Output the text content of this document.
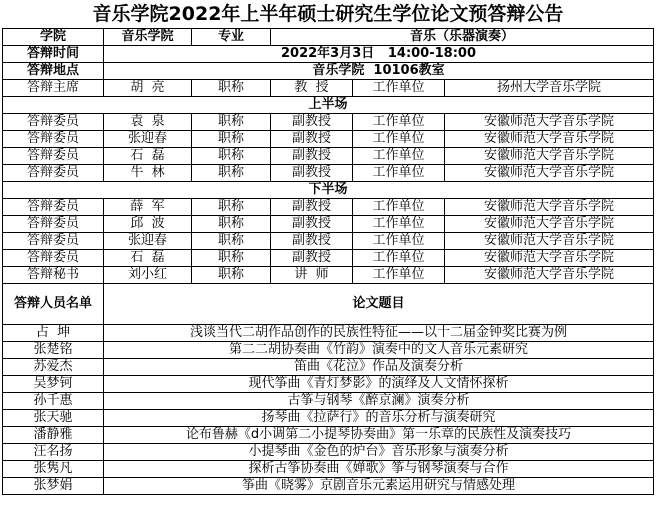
音乐学院2022年上半年硕士研究生学位论文预答辩公告
学院	音乐学院	专业	音乐（乐器演奏）		
答辩时间	2022年3月3日   14:00-18:00				
答辩地点	音乐学院  10106教室				
答辩主席	胡  亮	职称	教  授	工作单位	扬州大学音乐学院
上半场					
答辩委员	袁  泉	职称	副教授	工作单位	安徽师范大学音乐学院
答辩委员	张迎春	职称	副教授	工作单位	安徽师范大学音乐学院
答辩委员	石  磊	职称	副教授	工作单位	安徽师范大学音乐学院
答辩委员	牛  林	职称	副教授	工作单位	安徽师范大学音乐学院
下半场					
答辩委员	薛  军	职称	副教授	工作单位	安徽师范大学音乐学院
答辩委员	邱  波	职称	副教授	工作单位	安徽师范大学音乐学院
答辩委员	张迎春	职称	副教授	工作单位	安徽师范大学音乐学院
答辩委员	石  磊	职称	副教授	工作单位	安徽师范大学音乐学院
答辩秘书	刘小红	职称	讲  师	工作单位	安徽师范大学音乐学院
答辩人员名单	论文题目				
占  坤	浅谈当代二胡作品创作的民族性特征——以十二届金钟奖比赛为例				
张楚铭	第二二胡协奏曲《竹韵》演奏中的文人音乐元素研究				
苏爱杰	笛曲《花泣》作品及演奏分析				
吴梦钶	现代筝曲《青灯梦影》的演绎及人文情怀探析				
孙千惠	古筝与钢琴《醉京澜》演奏分析				
张天驰	扬琴曲《拉萨行》的音乐分析与演奏研究				
潘静雅	论布鲁赫《d小调第二小提琴协奏曲》第一乐章的民族性及演奏技巧				
汪名扬	小提琴曲《金色的炉台》音乐形象与演奏分析				
张隽凡	探析古筝协奏曲《婵歌》筝与钢琴演奏与合作				
张梦娟	筝曲《晓雾》京剧音乐元素运用研究与情感处理				
